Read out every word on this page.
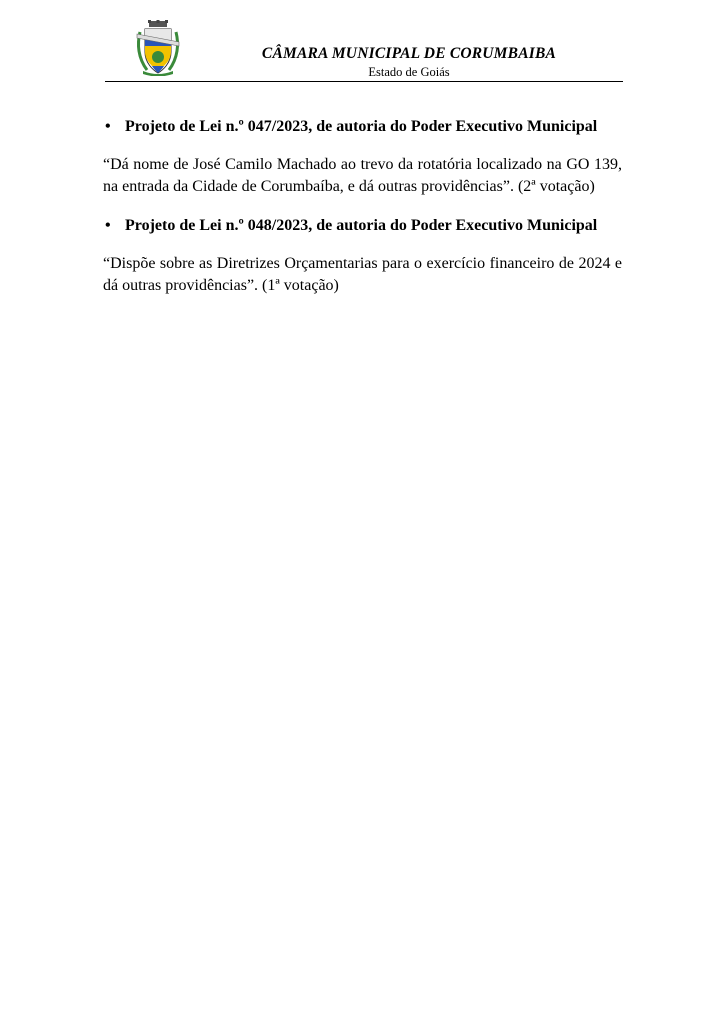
CÂMARA MUNICIPAL DE CORUMBAIBA
Estado de Goiás

• Projeto de Lei n.º 047/2023, de autoria do Poder Executivo Municipal

“Dá nome de José Camilo Machado ao trevo da rotatória localizado na GO 139, na entrada da Cidade de Corumbaíba, e dá outras providências”. (2ª votação)

• Projeto de Lei n.º 048/2023, de autoria do Poder Executivo Municipal

“Dispõe sobre as Diretrizes Orçamentarias para o exercício financeiro de 2024 e dá outras providências”. (1ª votação)
